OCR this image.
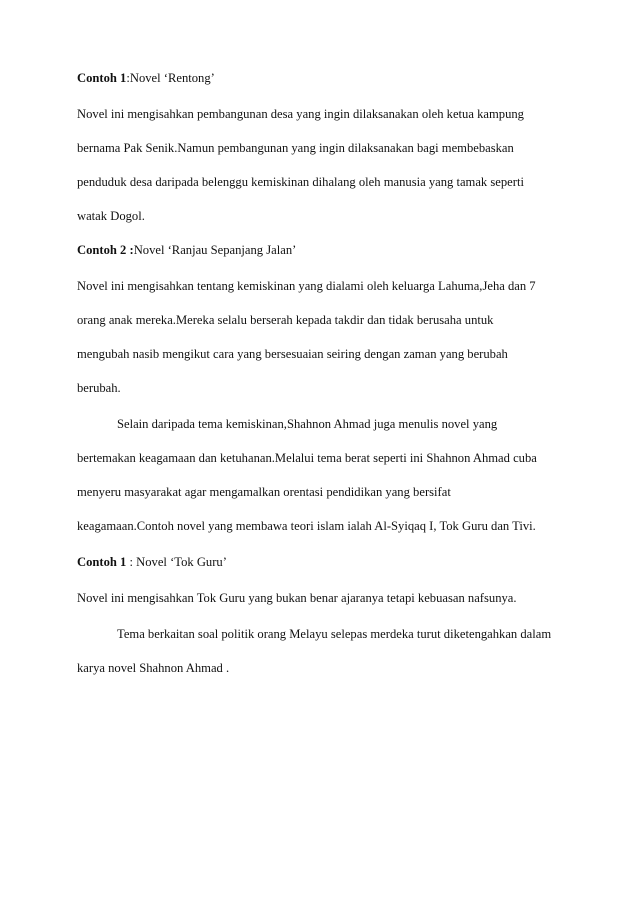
Contoh 1:Novel ‘Rentong’

Novel ini mengisahkan pembangunan desa yang ingin dilaksanakan oleh ketua kampung

bernama Pak Senik.Namun pembangunan yang ingin dilaksanakan bagi membebaskan

penduduk desa daripada belenggu kemiskinan dihalang oleh manusia yang tamak seperti

watak Dogol.

Contoh 2 :Novel ‘Ranjau Sepanjang Jalan’

Novel ini mengisahkan tentang kemiskinan yang dialami oleh keluarga Lahuma,Jeha dan 7

orang anak mereka.Mereka selalu berserah kepada takdir dan tidak berusaha untuk

mengubah nasib mengikut cara yang bersesuaian seiring dengan zaman yang berubah

berubah.

Selain daripada tema kemiskinan,Shahnon Ahmad juga menulis novel yang

bertemakan keagamaan dan ketuhanan.Melalui tema berat seperti ini Shahnon Ahmad cuba

menyeru masyarakat agar mengamalkan orentasi pendidikan yang bersifat

keagamaan.Contoh novel yang membawa teori islam ialah Al-Syiqaq I, Tok Guru dan Tivi.

Contoh 1 : Novel ‘Tok Guru’

Novel ini mengisahkan Tok Guru yang bukan benar ajaranya tetapi kebuasan nafsunya.

Tema berkaitan soal politik orang Melayu selepas merdeka turut diketengahkan dalam

karya novel Shahnon Ahmad .
